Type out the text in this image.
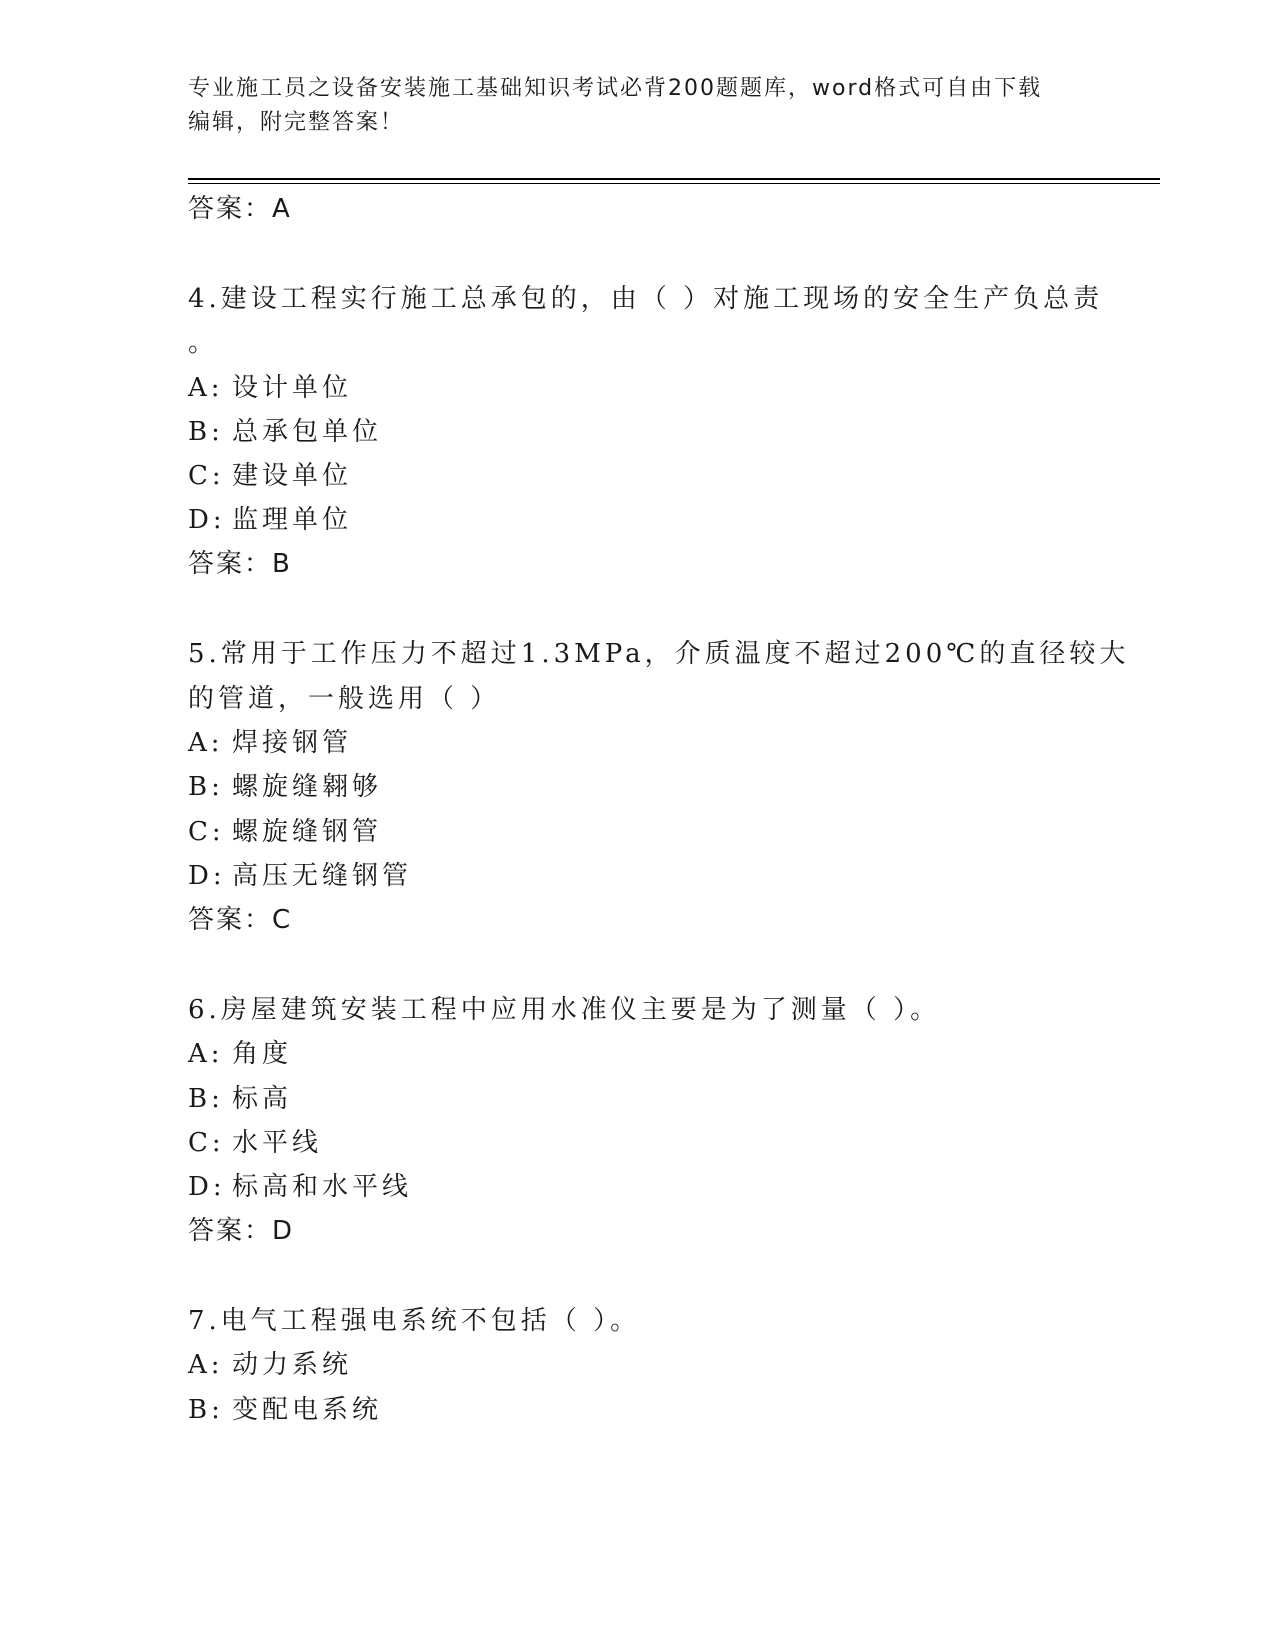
专业施工员之设备安装施工基础知识考试必背200题题库，word格式可自由下载
编辑，附完整答案！
答案：A
4.建设工程实行施工总承包的，由（ ）对施工现场的安全生产负总责
。
A: 设计单位
B: 总承包单位
C: 建设单位
D: 监理单位
答案：B
5.常用于工作压力不超过1.3MPa，介质温度不超过200℃的直径较大
的管道，一般选用（ ）
A: 焊接钢管
B: 螺旋缝翱够
C: 螺旋缝钢管
D: 高压无缝钢管
答案：C
6.房屋建筑安装工程中应用水准仪主要是为了测量（ ）。
A: 角度
B: 标高
C: 水平线
D: 标高和水平线
答案：D
7.电气工程强电系统不包括（ ）。
A: 动力系统
B: 变配电系统
